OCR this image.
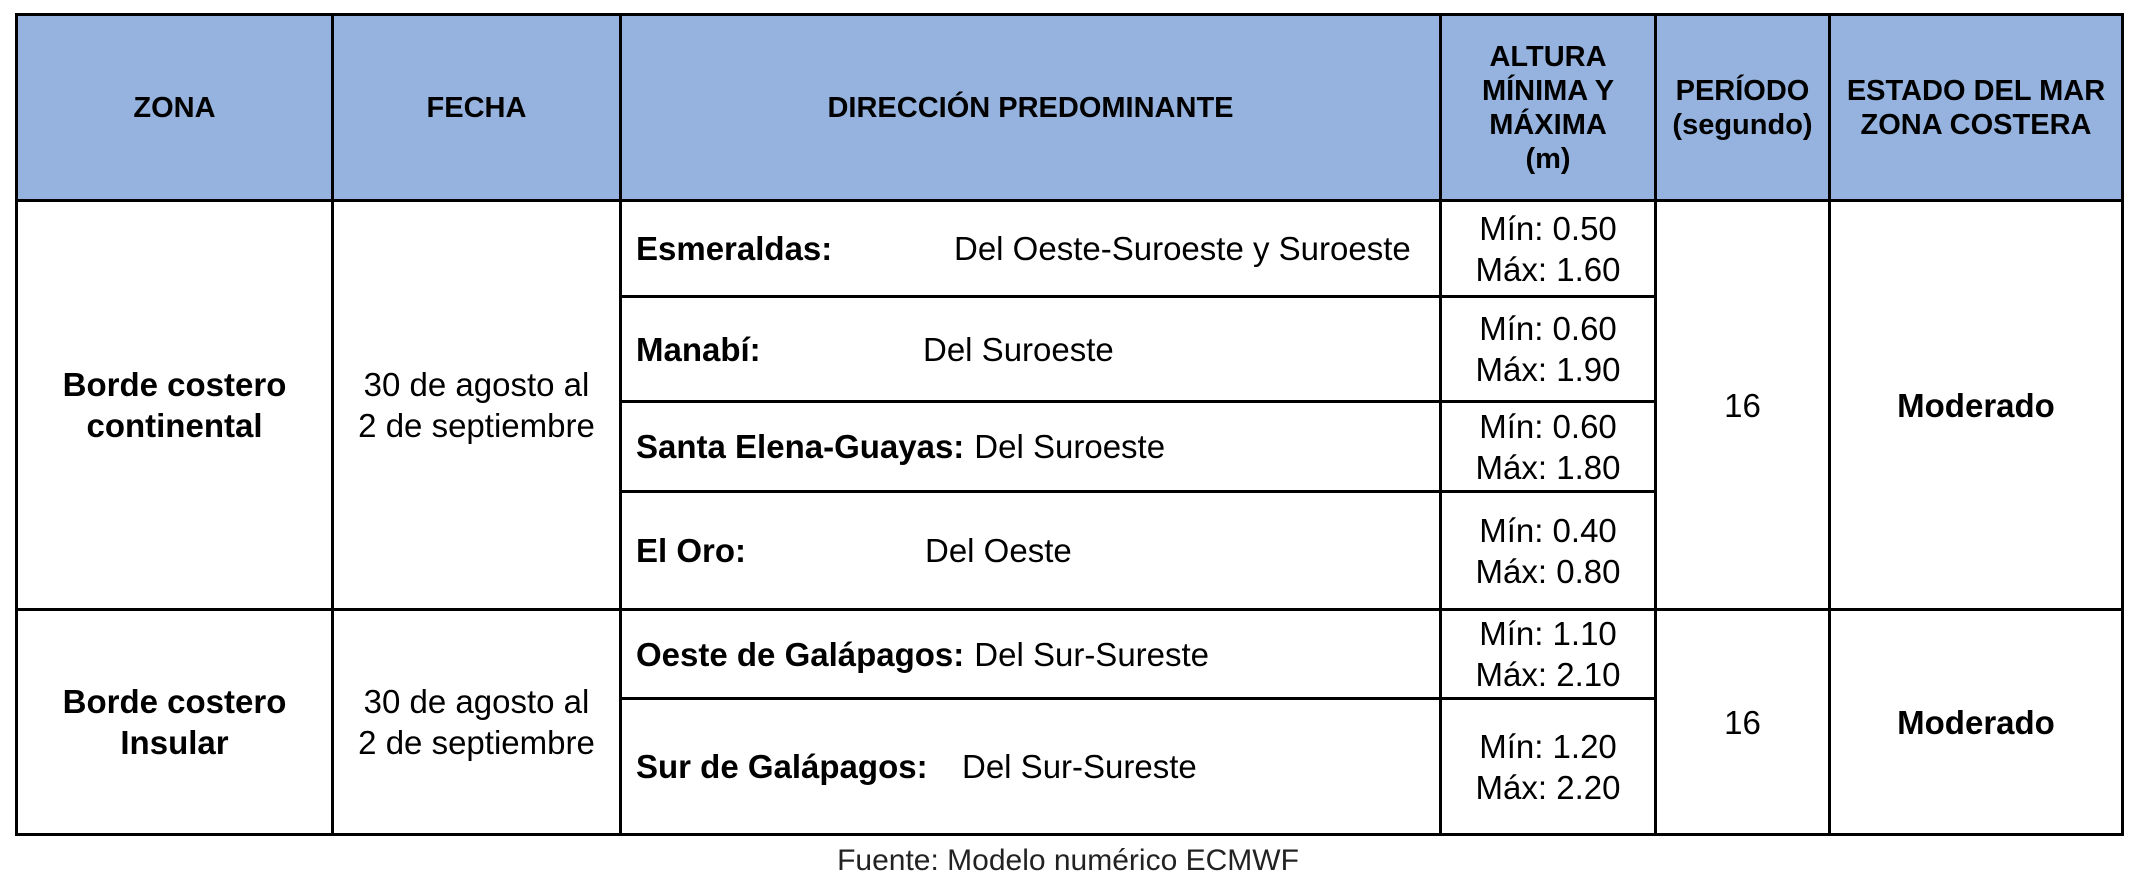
ZONA	FECHA	DIRECCIÓN PREDOMINANTE	ALTURA
MÍNIMA Y
MÁXIMA
(m)	PERÍODO
(segundo)	ESTADO DEL MAR
ZONA COSTERA

Borde costero
continental	30 de agosto al
2 de septiembre	Esmeraldas: Del Oeste-Suroeste y Suroeste	Mín: 0.50
Máx: 1.60	16	Moderado
		Manabí: Del Suroeste	Mín: 0.60
Máx: 1.90		

		Santa Elena-Guayas: Del Suroeste	Mín: 0.60
Máx: 1.80		

		El Oro: Del Oeste	Mín: 0.40
Máx: 0.80		

Borde costero
Insular	30 de agosto al
2 de septiembre	Oeste de Galápagos: Del Sur-Sureste	Mín: 1.10
Máx: 2.10	16	Moderado
		Sur de Galápagos: Del Sur-Sureste	Mín: 1.20
Máx: 2.20		
Fuente: Modelo numérico ECMWF
